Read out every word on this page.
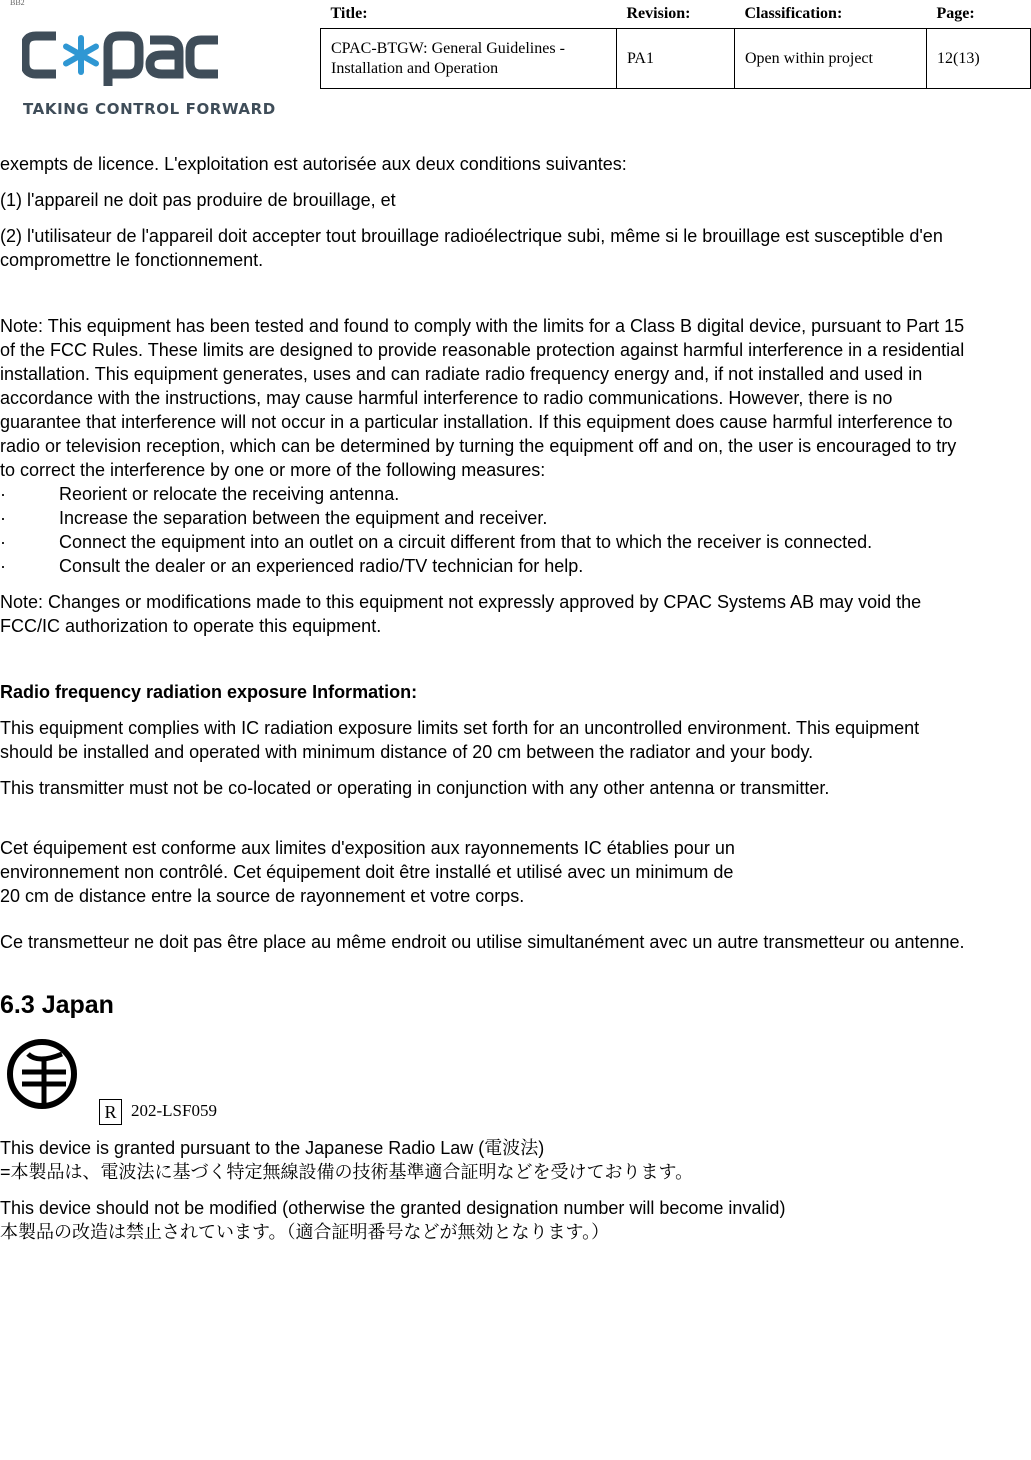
BB2
TAKING CONTROL FORWARD
Title:	Revision:	Classification:	Page:
CPAC-BTGW: General Guidelines - Installation and Operation	PA1	Open within project	12(13)

exempts de licence. L'exploitation est autorisée aux deux conditions suivantes:

(1) l'appareil ne doit pas produire de brouillage, et

(2) l'utilisateur de l'appareil doit accepter tout brouillage radioélectrique subi, même si le brouillage est susceptible d'en compromettre le fonctionnement.

Note: This equipment has been tested and found to comply with the limits for a Class B digital device, pursuant to Part 15 of the FCC Rules. These limits are designed to provide reasonable protection against harmful interference in a residential installation. This equipment generates, uses and can radiate radio frequency energy and, if not installed and used in accordance with the instructions, may cause harmful interference to radio communications. However, there is no guarantee that interference will not occur in a particular installation. If this equipment does cause harmful interference to radio or television reception, which can be determined by turning the equipment off and on, the user is encouraged to try to correct the interference by one or more of the following measures:

·	Reorient or relocate the receiving antenna.

·	Increase the separation between the equipment and receiver.

·	Connect the equipment into an outlet on a circuit different from that to which the receiver is connected.

·	Consult the dealer or an experienced radio/TV technician for help.

Note: Changes or modifications made to this equipment not expressly approved by CPAC Systems AB may void the FCC/IC authorization to operate this equipment.

Radio frequency radiation exposure Information:

This equipment complies with IC radiation exposure limits set forth for an uncontrolled environment. This equipment should be installed and operated with minimum distance of 20 cm between the radiator and your body.

This transmitter must not be co-located or operating in conjunction with any other antenna or transmitter.

Cet équipement est conforme aux limites d'exposition aux rayonnements IC établies pour un
environnement non contrôlé. Cet équipement doit être installé et utilisé avec un minimum de
20 cm de distance entre la source de rayonnement et votre corps.

Ce transmetteur ne doit pas être place au même endroit ou utilise simultanément avec un autre transmetteur ou antenne.

6.3 Japan

R 202-LSF059

This device is granted pursuant to the Japanese Radio Law (電波法)

=本製品は、電波法に基づく特定無線設備の技術基準適合証明などを受けております。

This device should not be modified (otherwise the granted designation number will become invalid)

本製品の改造は禁止されています。（適合証明番号などが無効となります。）
